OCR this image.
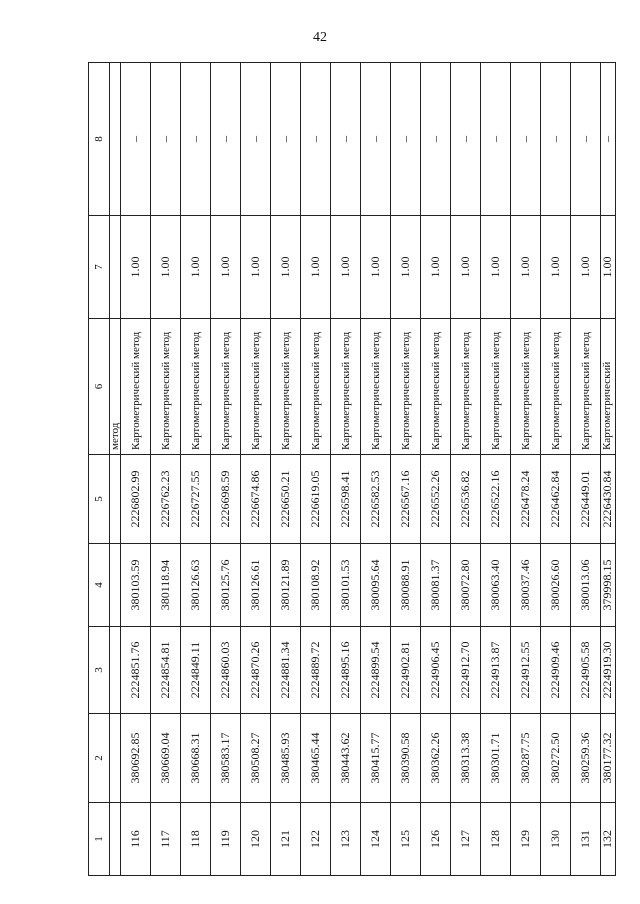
42
1	2	3	4	5	6	7	8
					метод		
116	380692.85	2224851.76	380103.59	2226802.99	Картометрический метод	1.00	–
117	380669.04	2224854.81	380118.94	2226762.23	Картометрический метод	1.00	–
118	380668.31	2224849.11	380126.63	2226727.55	Картометрический метод	1.00	–
119	380583.17	2224860.03	380125.76	2226698.59	Картометрический метод	1.00	–
120	380508.27	2224870.26	380126.61	2226674.86	Картометрический метод	1.00	–
121	380485.93	2224881.34	380121.89	2226650.21	Картометрический метод	1.00	–
122	380465.44	2224889.72	380108.92	2226619.05	Картометрический метод	1.00	–
123	380443.62	2224895.16	380101.53	2226598.41	Картометрический метод	1.00	–
124	380415.77	2224899.54	380095.64	2226582.53	Картометрический метод	1.00	–
125	380390.58	2224902.81	380088.91	2226567.16	Картометрический метод	1.00	–
126	380362.26	2224906.45	380081.37	2226552.26	Картометрический метод	1.00	–
127	380313.38	2224912.70	380072.80	2226536.82	Картометрический метод	1.00	–
128	380301.71	2224913.87	380063.40	2226522.16	Картометрический метод	1.00	–
129	380287.75	2224912.55	380037.46	2226478.24	Картометрический метод	1.00	–
130	380272.50	2224909.46	380026.60	2226462.84	Картометрический метод	1.00	–
131	380259.36	2224905.58	380013.06	2226449.01	Картометрический метод	1.00	–
132	380177.32	2224919.30	379998.15	2226430.84	Картометрический	1.00	–
